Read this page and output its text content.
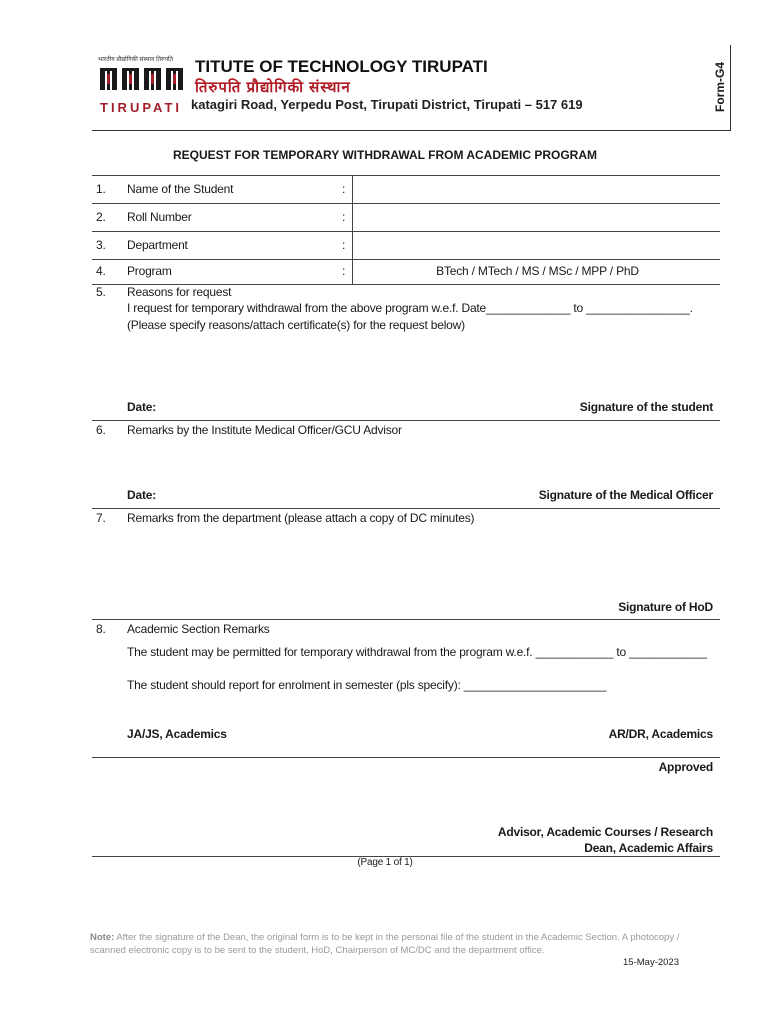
Form-G4
भारतीय प्रौद्योगिकी संस्थान तिरुपति
TIRUPATI
TITUTE OF TECHNOLOGY TIRUPATI
तिरुपति प्रौद्योगिकी संस्थान
katagiri Road, Yerpedu Post, Tirupati District, Tirupati – 517 619
REQUEST FOR TEMPORARY WITHDRAWAL FROM ACADEMIC PROGRAM
1. Name of the Student	:
2. Roll Number	:
3. Department	:
4. Program	:	BTech / MTech / MS / MSc / MPP / PhD
5. Reasons for request
I request for temporary withdrawal from the above program w.e.f. Date_____________ to ________________.
(Please specify reasons/attach certificate(s) for the request below)
Date:	Signature of the student
6. Remarks by the Institute Medical Officer/GCU Advisor
Date:	Signature of the Medical Officer
7. Remarks from the department (please attach a copy of DC minutes)
Signature of HoD
8. Academic Section Remarks
The student may be permitted for temporary withdrawal from the program w.e.f. ____________ to ____________
The student should report for enrolment in semester (pls specify): ______________________
JA/JS, Academics	AR/DR, Academics
Approved
Advisor, Academic Courses / Research
Dean, Academic Affairs
(Page 1 of 1)
Note: After the signature of the Dean, the original form is to be kept in the personal file of the student in the Academic Section. A photocopy / scanned electronic copy is to be sent to the student, HoD, Chairperson of MC/DC and the department office.
15-May-2023
